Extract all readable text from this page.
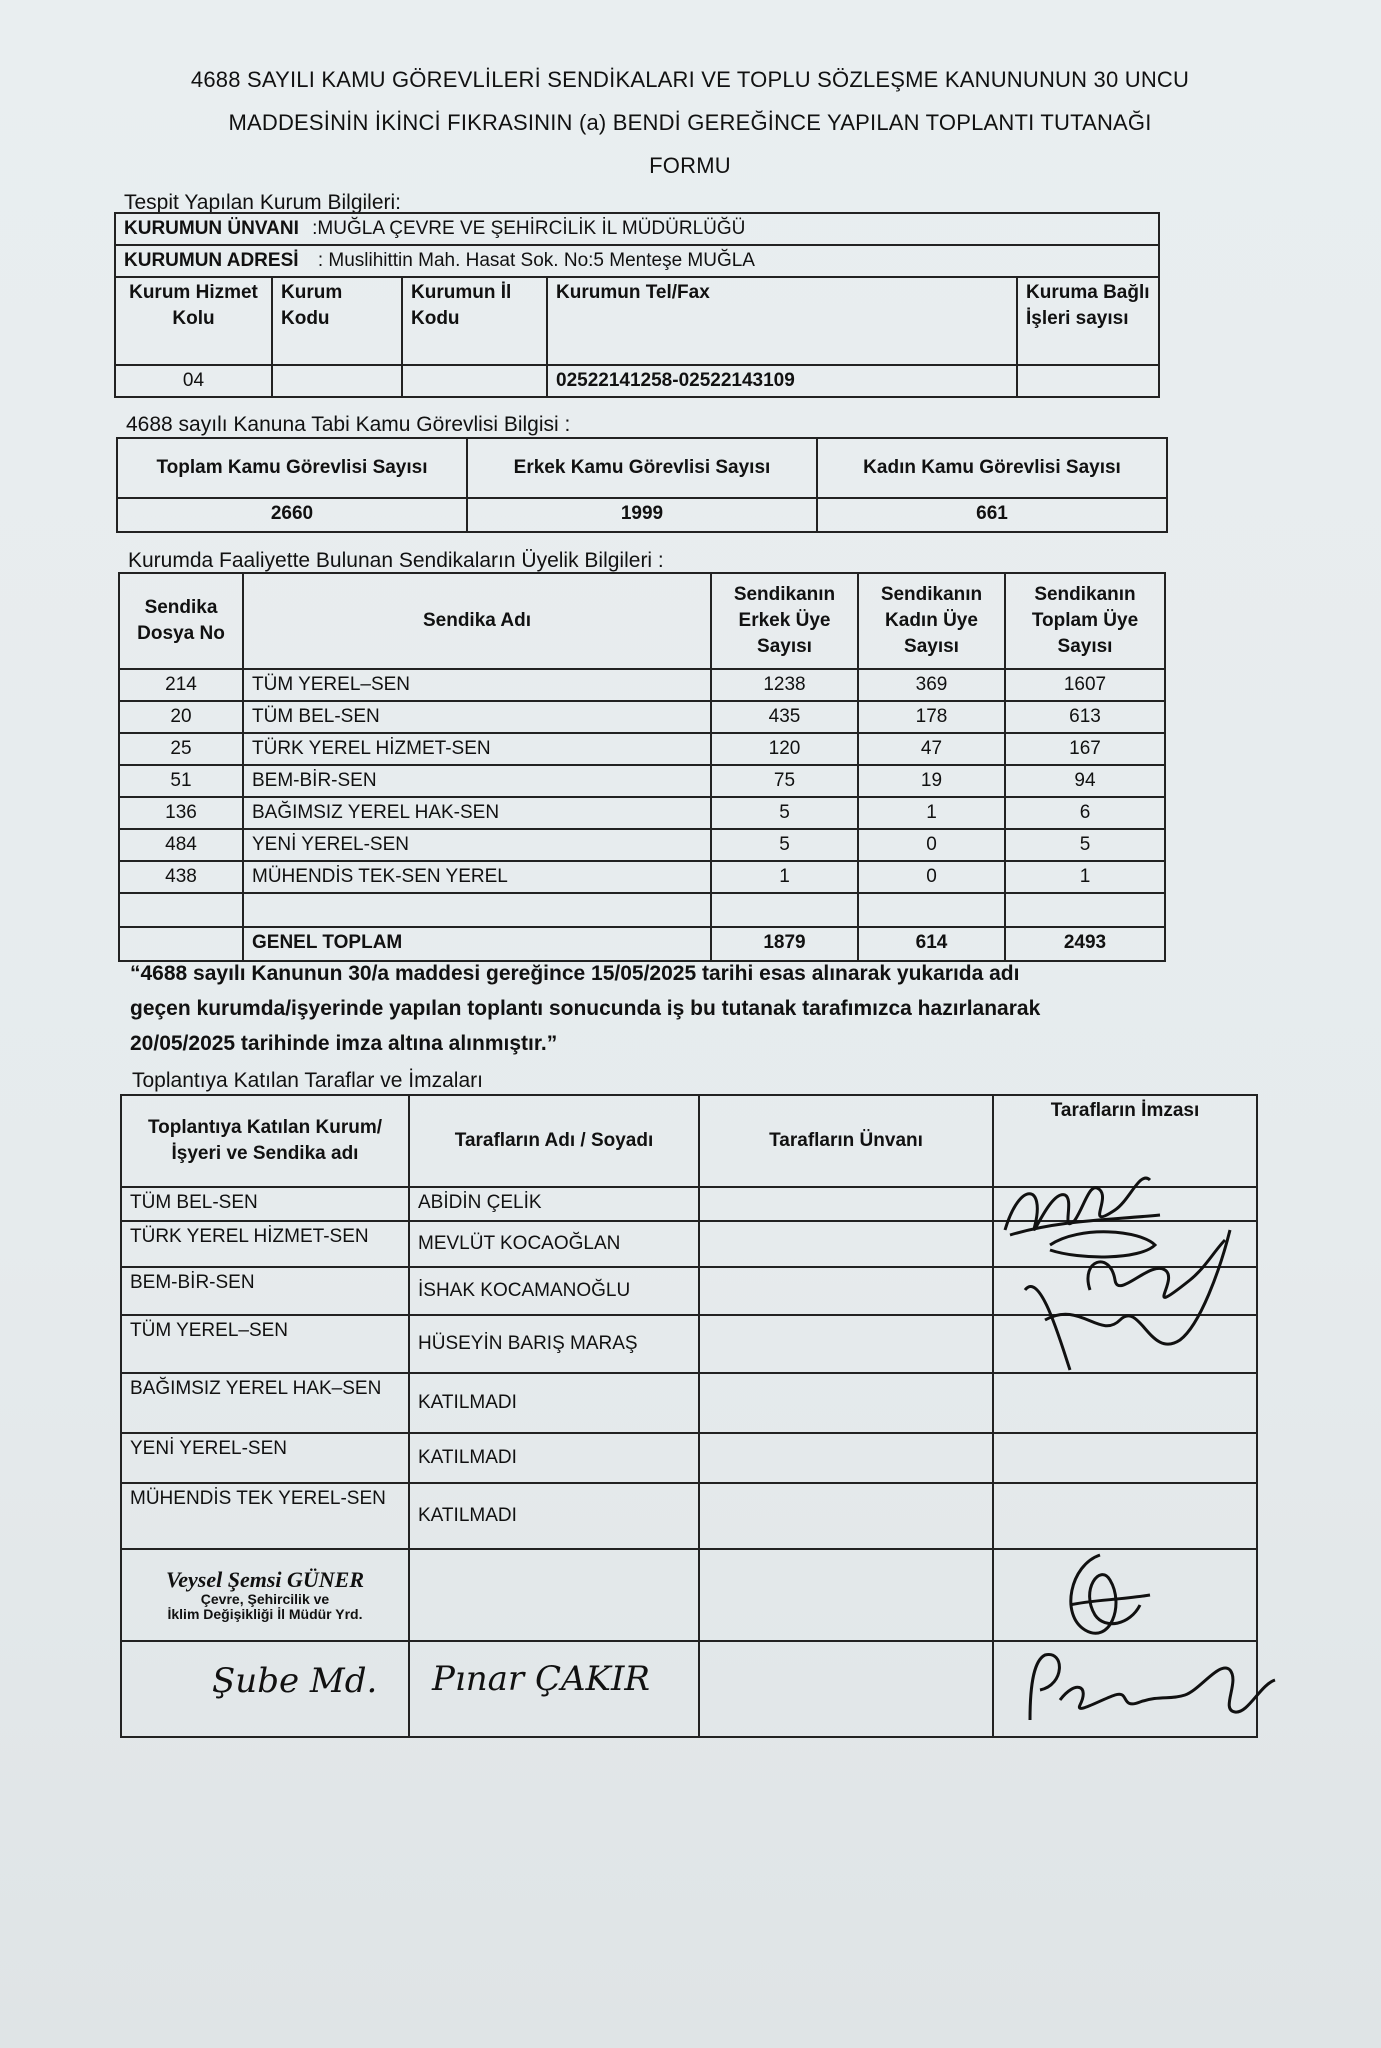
4688 SAYILI KAMU GÖREVLİLERİ SENDİKALARI VE TOPLU SÖZLEŞME KANUNUNUN 30 UNCU
MADDESİNİN İKİNCİ FIKRASININ (a) BENDİ GEREĞİNCE YAPILAN TOPLANTI TUTANAĞI
FORMU
Tespit Yapılan Kurum Bilgileri:
KURUMUN ÜNVANI :MUĞLA ÇEVRE VE ŞEHİRCİLİK İL MÜDÜRLÜĞÜ				
KURUMUN ADRESİ : Muslihittin Mah. Hasat Sok. No:5 Menteşe MUĞLA				
Kurum Hizmet Kolu	Kurum Kodu	Kurumun İl Kodu	Kurumun Tel/Fax	Kuruma Bağlı İşleri sayısı
04			02522141258-02522143109	
4688 sayılı Kanuna Tabi Kamu Görevlisi Bilgisi :
Toplam Kamu Görevlisi Sayısı	Erkek Kamu Görevlisi Sayısı	Kadın Kamu Görevlisi Sayısı
2660	1999	661
Kurumda Faaliyette Bulunan Sendikaların Üyelik Bilgileri :
Sendika Dosya No	Sendika Adı	Sendikanın Erkek Üye Sayısı	Sendikanın Kadın Üye Sayısı	Sendikanın Toplam Üye Sayısı
214	TÜM YEREL–SEN	1238	369	1607
20	TÜM BEL-SEN	435	178	613
25	TÜRK YEREL HİZMET-SEN	120	47	167
51	BEM-BİR-SEN	75	19	94
136	BAĞIMSIZ YEREL HAK-SEN	5	1	6
484	YENİ YEREL-SEN	5	0	5
438	MÜHENDİS TEK-SEN YEREL	1	0	1

	GENEL TOPLAM	1879	614	2493
“4688 sayılı Kanunun 30/a maddesi gereğince 15/05/2025 tarihi esas alınarak yukarıda adı
geçen kurumda/işyerinde yapılan toplantı sonucunda iş bu tutanak tarafımızca hazırlanarak
20/05/2025 tarihinde imza altına alınmıştır.”
Toplantıya Katılan Taraflar ve İmzaları
Toplantıya Katılan Kurum/İşyeri ve Sendika adı	Tarafların Adı / Soyadı	Tarafların Ünvanı	Tarafların İmzası
TÜM BEL-SEN	ABİDİN ÇELİK		
TÜRK YEREL HİZMET-SEN	MEVLÜT KOCAOĞLAN		
BEM-BİR-SEN	İSHAK KOCAMANOĞLU		
TÜM YEREL–SEN	HÜSEYİN BARIŞ MARAŞ		
BAĞIMSIZ YEREL HAK–SEN	KATILMADI		
YENİ YEREL-SEN	KATILMADI		
MÜHENDİS TEK YEREL-SEN	KATILMADI		

Veysel Şemsi GÜNER
Çevre, Şehircilik ve
İklim Değişikliği İl Müdür Yrd.			

Şube Md.	Pınar ÇAKIR		
